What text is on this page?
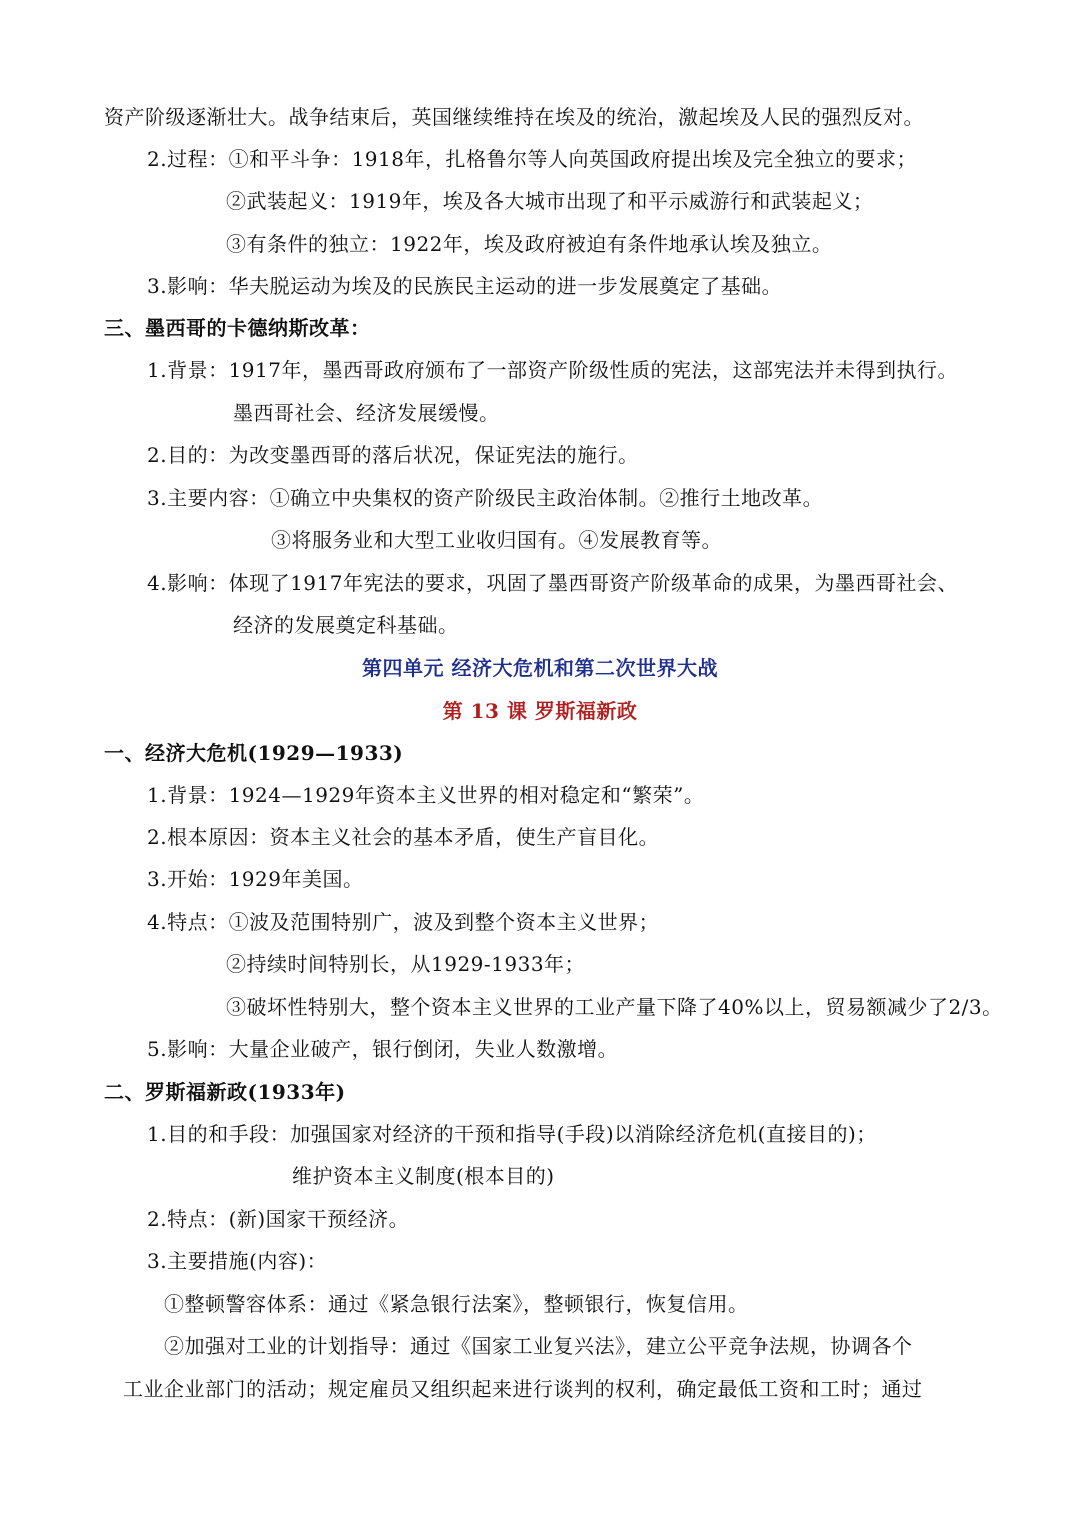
资产阶级逐渐壮大。战争结束后，英国继续维持在埃及的统治，激起埃及人民的强烈反对。
2.过程：①和平斗争：1918年，扎格鲁尔等人向英国政府提出埃及完全独立的要求；
②武装起义：1919年，埃及各大城市出现了和平示威游行和武装起义；
③有条件的独立：1922年，埃及政府被迫有条件地承认埃及独立。
3.影响：华夫脱运动为埃及的民族民主运动的进一步发展奠定了基础。
三、墨西哥的卡德纳斯改革：
1.背景：1917年，墨西哥政府颁布了一部资产阶级性质的宪法，这部宪法并未得到执行。
墨西哥社会、经济发展缓慢。
2.目的：为改变墨西哥的落后状况，保证宪法的施行。
3.主要内容：①确立中央集权的资产阶级民主政治体制。②推行土地改革。
③将服务业和大型工业收归国有。④发展教育等。
4.影响：体现了1917年宪法的要求，巩固了墨西哥资产阶级革命的成果，为墨西哥社会、
经济的发展奠定科基础。
第四单元 经济大危机和第二次世界大战
第 13 课 罗斯福新政
一、经济大危机(1929—1933)
1.背景：1924—1929年资本主义世界的相对稳定和“繁荣”。
2.根本原因：资本主义社会的基本矛盾，使生产盲目化。
3.开始：1929年美国。
4.特点：①波及范围特别广，波及到整个资本主义世界；
②持续时间特别长，从1929-1933年；
③破坏性特别大，整个资本主义世界的工业产量下降了40%以上，贸易额减少了2/3。
5.影响：大量企业破产，银行倒闭，失业人数激增。
二、罗斯福新政(1933年)
1.目的和手段：加强国家对经济的干预和指导(手段)以消除经济危机(直接目的)；
维护资本主义制度(根本目的)
2.特点：(新)国家干预经济。
3.主要措施(内容)：
①整顿警容体系：通过《紧急银行法案》，整顿银行，恢复信用。
②加强对工业的计划指导：通过《国家工业复兴法》，建立公平竞争法规，协调各个
工业企业部门的活动；规定雇员又组织起来进行谈判的权利，确定最低工资和工时；通过
